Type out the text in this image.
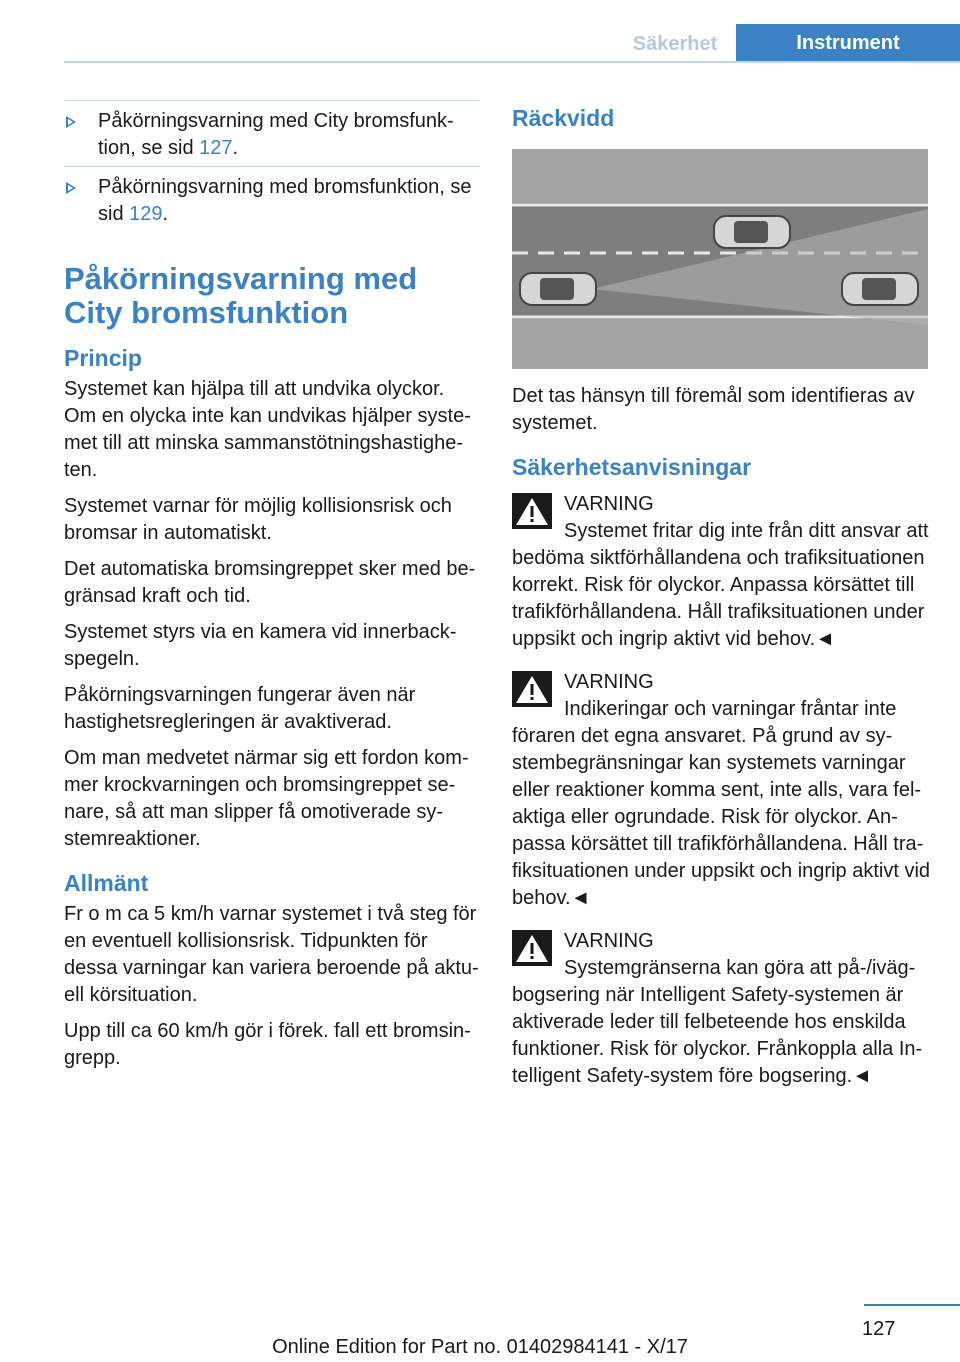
Säkerhet	Instrument
Påkörningsvarning med City bromsfunktion, se sid 127.
Påkörningsvarning med bromsfunktion, se sid 129.
Påkörningsvarning med City bromsfunktion
Princip

Systemet kan hjälpa till att undvika olyckor. Om en olycka inte kan undvikas hjälper systemet till att minska sammanstötningshastigheten.

Systemet varnar för möjlig kollisionsrisk och bromsar in automatiskt.

Det automatiska bromsingreppet sker med begränsad kraft och tid.

Systemet styrs via en kamera vid innerbackspegeln.

Påkörningsvarningen fungerar även när hastighetsregleringen är avaktiverad.

Om man medvetet närmar sig ett fordon kommer krockvarningen och bromsingreppet senare, så att man slipper få omotiverade systemreaktioner.

Allmänt

Fr o m ca 5 km/h varnar systemet i två steg för en eventuell kollisionsrisk. Tidpunkten för dessa varningar kan variera beroende på aktuell körsituation.

Upp till ca 60 km/h gör i förek. fall ett bromsingrepp.

Räckvidd

Det tas hänsyn till föremål som identifieras av systemet.

Säkerhetsanvisningar

VARNING

Systemet fritar dig inte från ditt ansvar att

bedöma siktförhållandena och trafiksituationen korrekt. Risk för olyckor. Anpassa körsättet till trafikförhållandena. Håll trafiksituationen under uppsikt och ingrip aktivt vid behov.◄

VARNING

Indikeringar och varningar fråntar inte

föraren det egna ansvaret. På grund av systembegränsningar kan systemets varningar eller reaktioner komma sent, inte alls, vara felaktiga eller ogrundade. Risk för olyckor. Anpassa körsättet till trafikförhållandena. Håll trafiksituationen under uppsikt och ingrip aktivt vid behov.◄

VARNING

Systemgränserna kan göra att på-/iväg-

bogsering när Intelligent Safety-systemen är aktiverade leder till felbeteende hos enskilda funktioner. Risk för olyckor. Frånkoppla alla Intelligent Safety-system före bogsering.◄

127
Online Edition for Part no. 01402984141 - X/17
